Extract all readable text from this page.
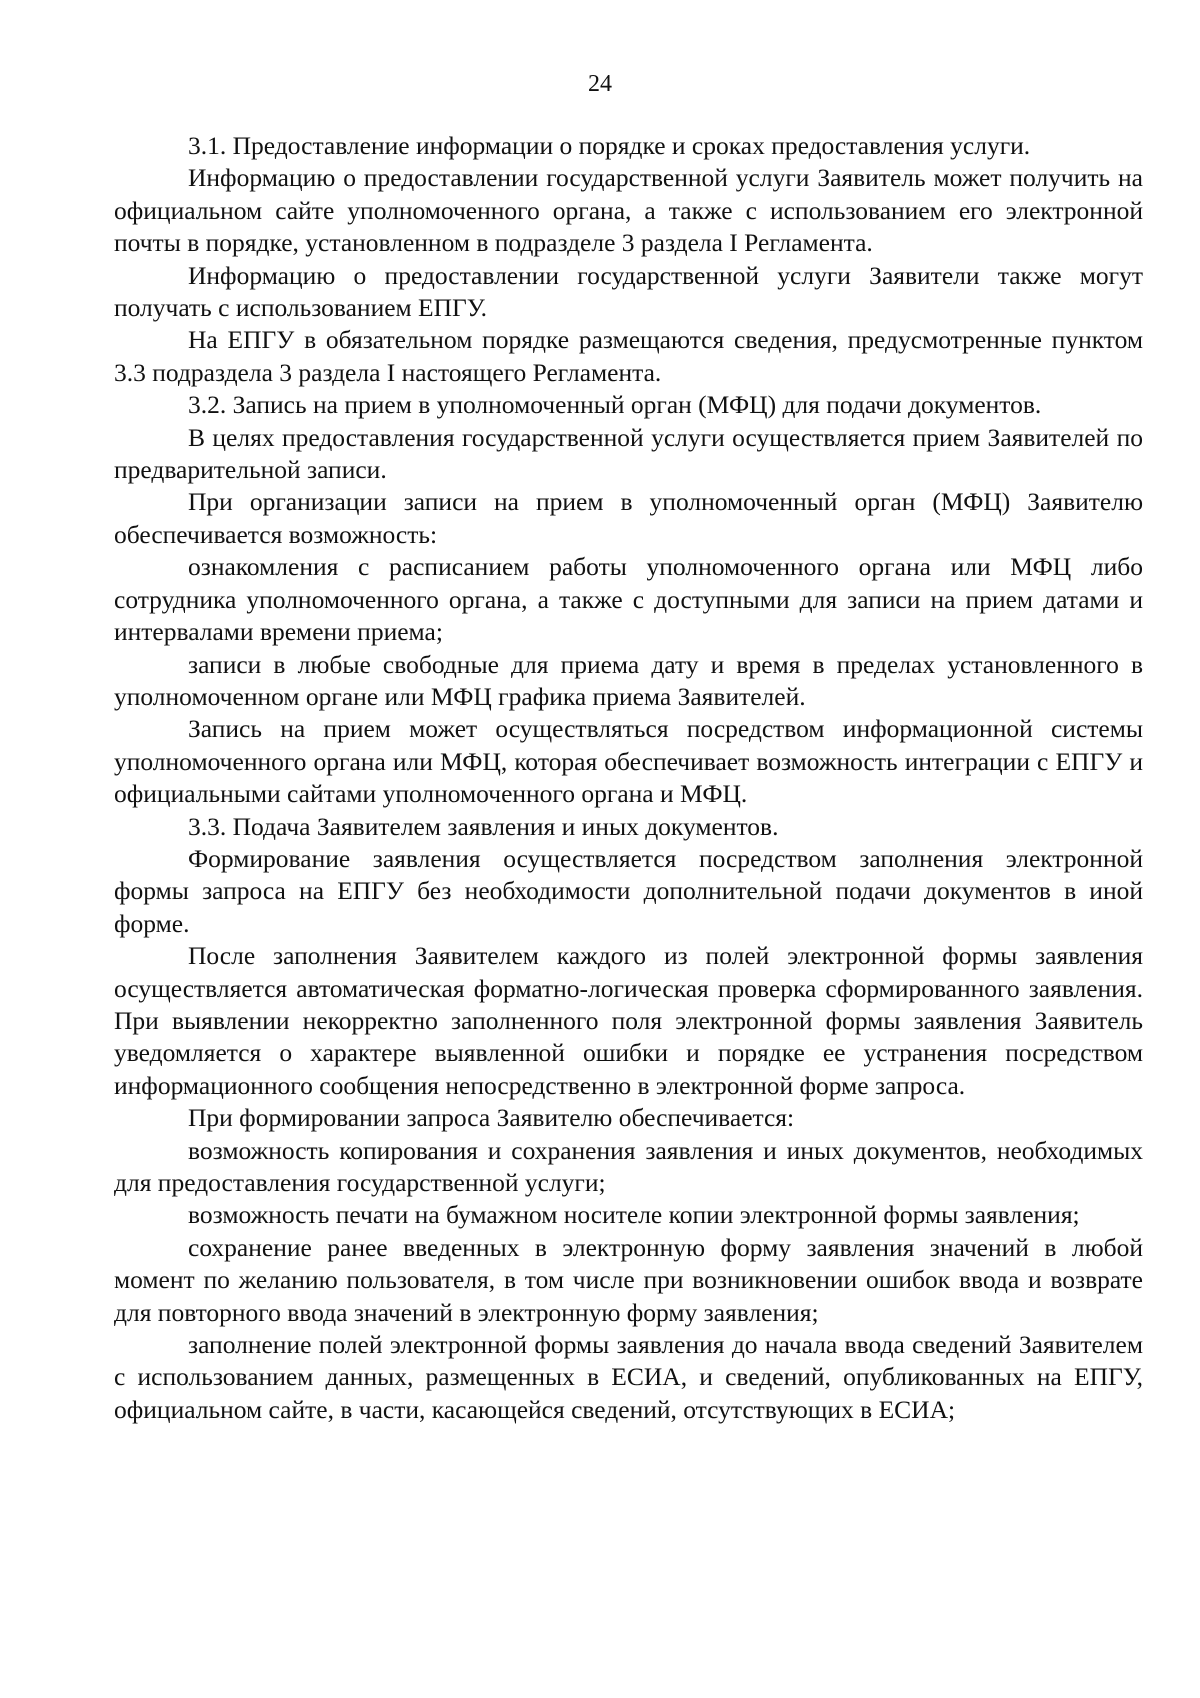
24

3.1. Предоставление информации о порядке и сроках предоставления услуги.

Информацию о предоставлении государственной услуги Заявитель может получить на официальном сайте уполномоченного органа, а также с использованием его электронной почты в порядке, установленном в подразделе 3 раздела I Регламента.

Информацию о предоставлении государственной услуги Заявители также могут получать с использованием ЕПГУ.

На ЕПГУ в обязательном порядке размещаются сведения, предусмотренные пунктом 3.3 подраздела 3 раздела I настоящего Регламента.

3.2. Запись на прием в уполномоченный орган (МФЦ) для подачи документов.

В целях предоставления государственной услуги осуществляется прием Заявителей по предварительной записи.

При организации записи на прием в уполномоченный орган (МФЦ) Заявителю обеспечивается возможность:

ознакомления с расписанием работы уполномоченного органа или МФЦ либо сотрудника уполномоченного органа, а также с доступными для записи на прием датами и интервалами времени приема;

записи в любые свободные для приема дату и время в пределах установленного в уполномоченном органе или МФЦ графика приема Заявителей.

Запись на прием может осуществляться посредством информационной системы уполномоченного органа или МФЦ, которая обеспечивает возможность интеграции с ЕПГУ и официальными сайтами уполномоченного органа и МФЦ.

3.3. Подача Заявителем заявления и иных документов.

Формирование заявления осуществляется посредством заполнения электронной формы запроса на ЕПГУ без необходимости дополнительной подачи документов в иной форме.

После заполнения Заявителем каждого из полей электронной формы заявления осуществляется автоматическая форматно-логическая проверка сформированного заявления. При выявлении некорректно заполненного поля электронной формы заявления Заявитель уведомляется о характере выявленной ошибки и порядке ее устранения посредством информационного сообщения непосредственно в электронной форме запроса.

При формировании запроса Заявителю обеспечивается:

возможность копирования и сохранения заявления и иных документов, необходимых для предоставления государственной услуги;

возможность печати на бумажном носителе копии электронной формы заявления;

сохранение ранее введенных в электронную форму заявления значений в любой момент по желанию пользователя, в том числе при возникновении ошибок ввода и возврате для повторного ввода значений в электронную форму заявления;

заполнение полей электронной формы заявления до начала ввода сведений Заявителем с использованием данных, размещенных в ЕСИА, и сведений, опубликованных на ЕПГУ, официальном сайте, в части, касающейся сведений, отсутствующих в ЕСИА;
